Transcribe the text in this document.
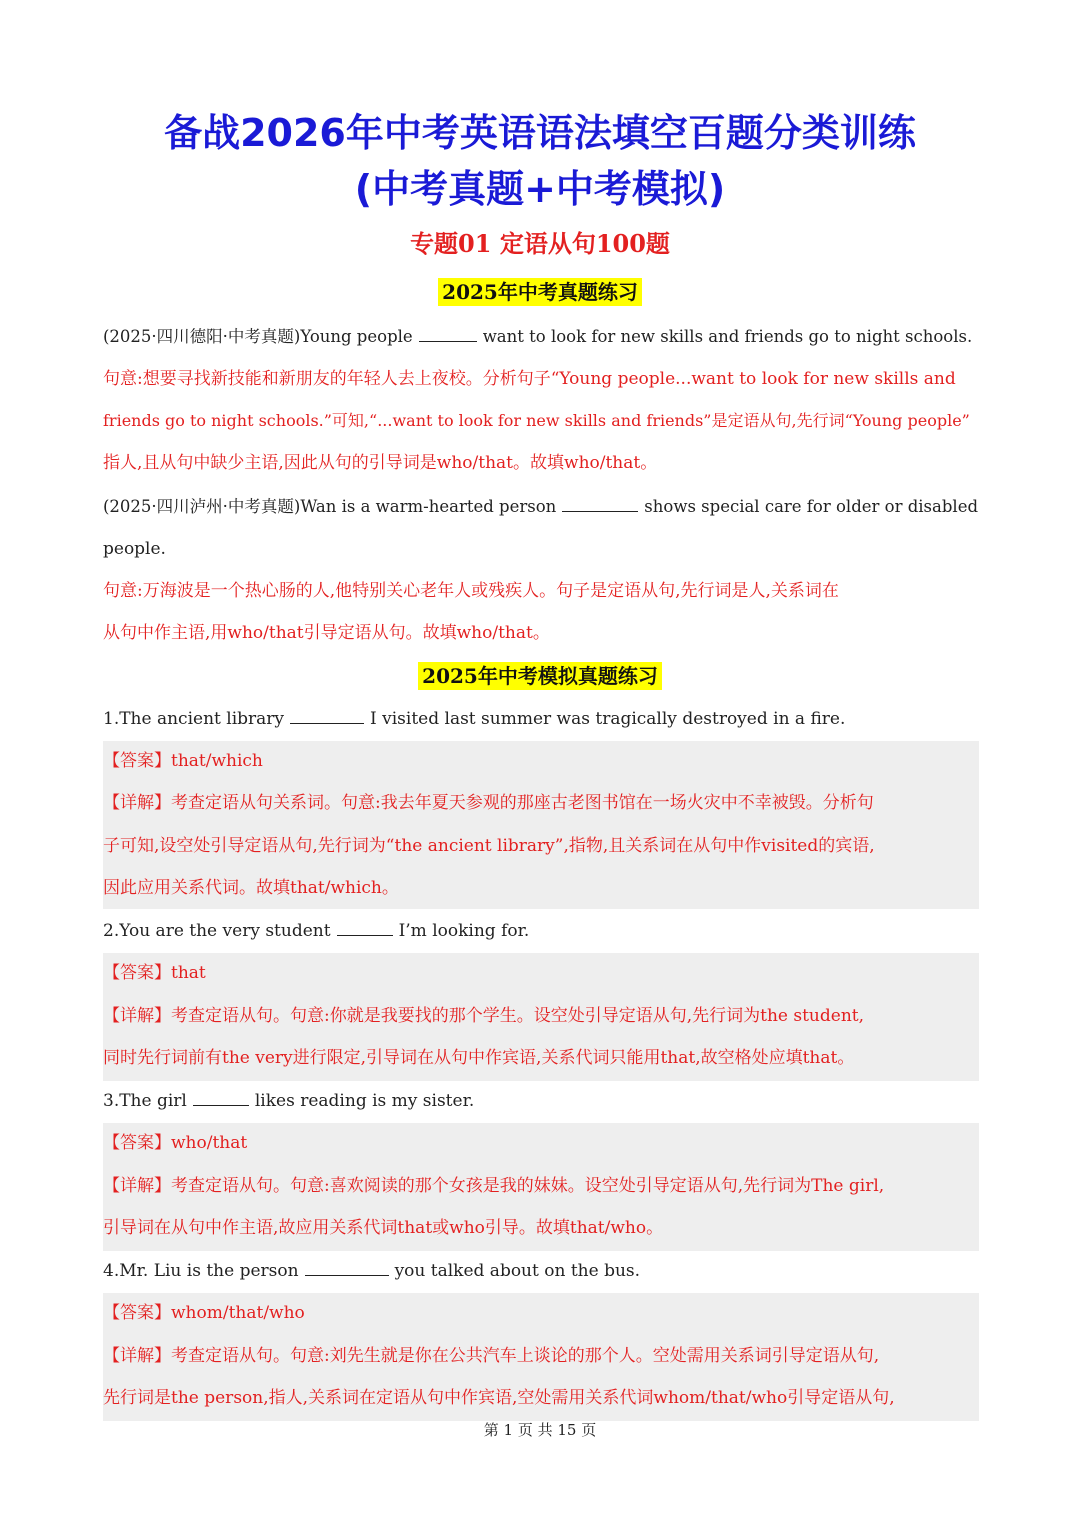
备战2026年中考英语语法填空百题分类训练
(中考真题+中考模拟)
专题01 定语从句100题
2025年中考真题练习
(2025·四川德阳·中考真题)Young people	want to look for new skills and friends go to night schools.
句意:想要寻找新技能和新朋友的年轻人去上夜校。分析句子“Young people...want to look for new skills and
friends go to night schools.”可知,“...want to look for new skills and friends”是定语从句,先行词“Young people”
指人,且从句中缺少主语,因此从句的引导词是who/that。故填who/that。
(2025·四川泸州·中考真题)Wan is a warm-hearted person	shows special care for older or disabled
people.
句意:万海波是一个热心肠的人,他特别关心老年人或残疾人。句子是定语从句,先行词是人,关系词在
从句中作主语,用who/that引导定语从句。故填who/that。
2025年中考模拟真题练习
1.The ancient library	I visited last summer was tragically destroyed in a fire.
【答案】that/which
【详解】考查定语从句关系词。句意:我去年夏天参观的那座古老图书馆在一场火灾中不幸被毁。分析句
子可知,设空处引导定语从句,先行词为“the ancient library”,指物,且关系词在从句中作visited的宾语,
因此应用关系代词。故填that/which。
2.You are the very student	I’m looking for.
【答案】that
【详解】考查定语从句。句意:你就是我要找的那个学生。设空处引导定语从句,先行词为the student,
同时先行词前有the very进行限定,引导词在从句中作宾语,关系代词只能用that,故空格处应填that。
3.The girl	likes reading is my sister.
【答案】who/that
【详解】考查定语从句。句意:喜欢阅读的那个女孩是我的妹妹。设空处引导定语从句,先行词为The girl,
引导词在从句中作主语,故应用关系代词that或who引导。故填that/who。
4.Mr. Liu is the person	you talked about on the bus.
【答案】whom/that/who
【详解】考查定语从句。句意:刘先生就是你在公共汽车上谈论的那个人。空处需用关系词引导定语从句,
先行词是the person,指人,关系词在定语从句中作宾语,空处需用关系代词whom/that/who引导定语从句,
第 1 页 共 15 页
